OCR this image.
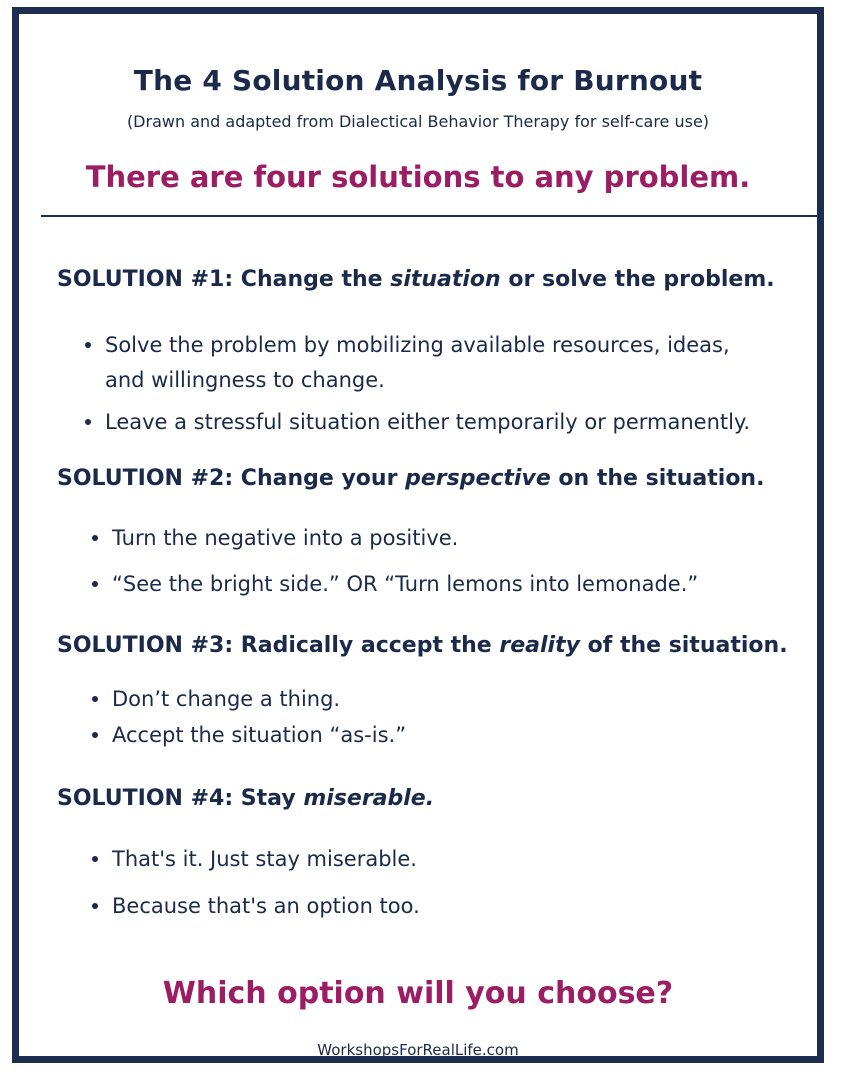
The 4 Solution Analysis for Burnout
(Drawn and adapted from Dialectical Behavior Therapy for self-care use)
There are four solutions to any problem.
SOLUTION #1: Change the situation or solve the problem.
Solve the problem by mobilizing available resources, ideas,
and willingness to change.
Leave a stressful situation either temporarily or permanently.
SOLUTION #2: Change your perspective on the situation.
Turn the negative into a positive.
“See the bright side.” OR “Turn lemons into lemonade.”
SOLUTION #3: Radically accept the reality of the situation.
Don’t change a thing.
Accept the situation “as-is.”
SOLUTION #4: Stay miserable.
That's it. Just stay miserable.
Because that's an option too.
Which option will you choose?
WorkshopsForRealLife.com
